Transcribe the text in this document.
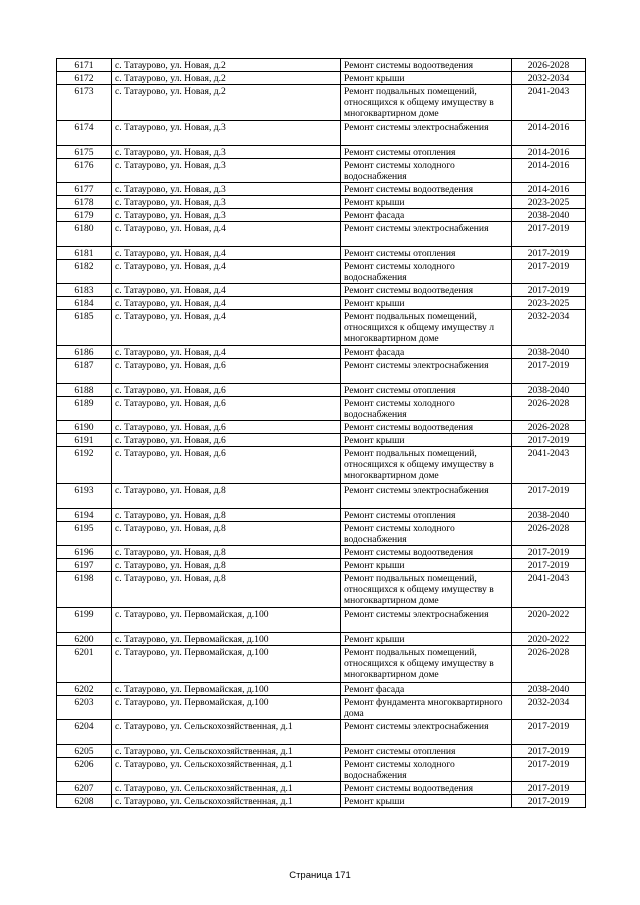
6171	с. Татаурово, ул. Новая, д.2	Ремонт системы водоотведения	2026-2028
6172	с. Татаурово, ул. Новая, д.2	Ремонт крыши	2032-2034
6173	с. Татаурово, ул. Новая, д.2	Ремонт подвальных помещений, относящихся к общему имуществу в многоквартирном доме	2041-2043
6174	с. Татаурово, ул. Новая, д.3	Ремонт системы электроснабжения	2014-2016
6175	с. Татаурово, ул. Новая, д.3	Ремонт системы отопления	2014-2016
6176	с. Татаурово, ул. Новая, д.3	Ремонт системы холодного водоснабжения	2014-2016
6177	с. Татаурово, ул. Новая, д.3	Ремонт системы водоотведения	2014-2016
6178	с. Татаурово, ул. Новая, д.3	Ремонт крыши	2023-2025
6179	с. Татаурово, ул. Новая, д.3	Ремонт фасада	2038-2040
6180	с. Татаурово, ул. Новая, д.4	Ремонт системы электроснабжения	2017-2019
6181	с. Татаурово, ул. Новая, д.4	Ремонт системы отопления	2017-2019
6182	с. Татаурово, ул. Новая, д.4	Ремонт системы холодного водоснабжения	2017-2019
6183	с. Татаурово, ул. Новая, д.4	Ремонт системы водоотведения	2017-2019
6184	с. Татаурово, ул. Новая, д.4	Ремонт крыши	2023-2025
6185	с. Татаурово, ул. Новая, д.4	Ремонт подвальных помещений, относящихся к общему имуществу л многоквартирном доме	2032-2034
6186	с. Татаурово, ул. Новая, д.4	Ремонт фасада	2038-2040
6187	с. Татаурово, ул. Новая, д.6	Ремонт системы электроснабжения	2017-2019
6188	с. Татаурово, ул. Новая, д.6	Ремонт системы отопления	2038-2040
6189	с. Татаурово, ул. Новая, д.6	Ремонт системы холодного водоснабжения	2026-2028
6190	с. Татаурово, ул. Новая, д.6	Ремонт системы водоотведения	2026-2028
6191	с. Татаурово, ул. Новая, д.6	Ремонт крыши	2017-2019
6192	с. Татаурово, ул. Новая, д.6	Ремонт подвальных помещений, относящихся к общему имуществу в многоквартирном доме	2041-2043
6193	с. Татаурово, ул. Новая, д.8	Ремонт системы электроснабжения	2017-2019
6194	с. Татаурово, ул. Новая, д.8	Ремонт системы отопления	2038-2040
6195	с. Татаурово, ул. Новая, д.8	Ремонт системы холодного водоснабжения	2026-2028
6196	с. Татаурово, ул. Новая, д.8	Ремонт системы водоотведения	2017-2019
6197	с. Татаурово, ул. Новая, д.8	Ремонт крыши	2017-2019
6198	с. Татаурово, ул. Новая, д.8	Ремонт подвальных помещений, относящихся к общему имуществу в многоквартирном доме	2041-2043
6199	с. Татаурово, ул. Первомайская, д.100	Ремонт системы электроснабжения	2020-2022
6200	с. Татаурово, ул. Первомайская, д.100	Ремонт крыши	2020-2022
6201	с. Татаурово, ул. Первомайская, д.100	Ремонт подвальных помещений, относящихся к общему имуществу в многоквартирном доме	2026-2028
6202	с. Татаурово, ул. Первомайская, д.100	Ремонт фасада	2038-2040
6203	с. Татаурово, ул. Первомайская, д.100	Ремонт фундамента многоквартирного дома	2032-2034
6204	с. Татаурово, ул. Сельскохозяйственная, д.1	Ремонт системы электроснабжения	2017-2019
6205	с. Татаурово, ул. Сельскохозяйственная, д.1	Ремонт системы отопления	2017-2019
6206	с. Татаурово, ул. Сельскохозяйственная, д.1	Ремонт системы холодного водоснабжения	2017-2019
6207	с. Татаурово, ул. Сельскохозяйственная, д.1	Ремонт системы водоотведения	2017-2019
6208	с. Татаурово, ул. Сельскохозяйственная, д.1	Ремонт крыши	2017-2019
Страница 171
